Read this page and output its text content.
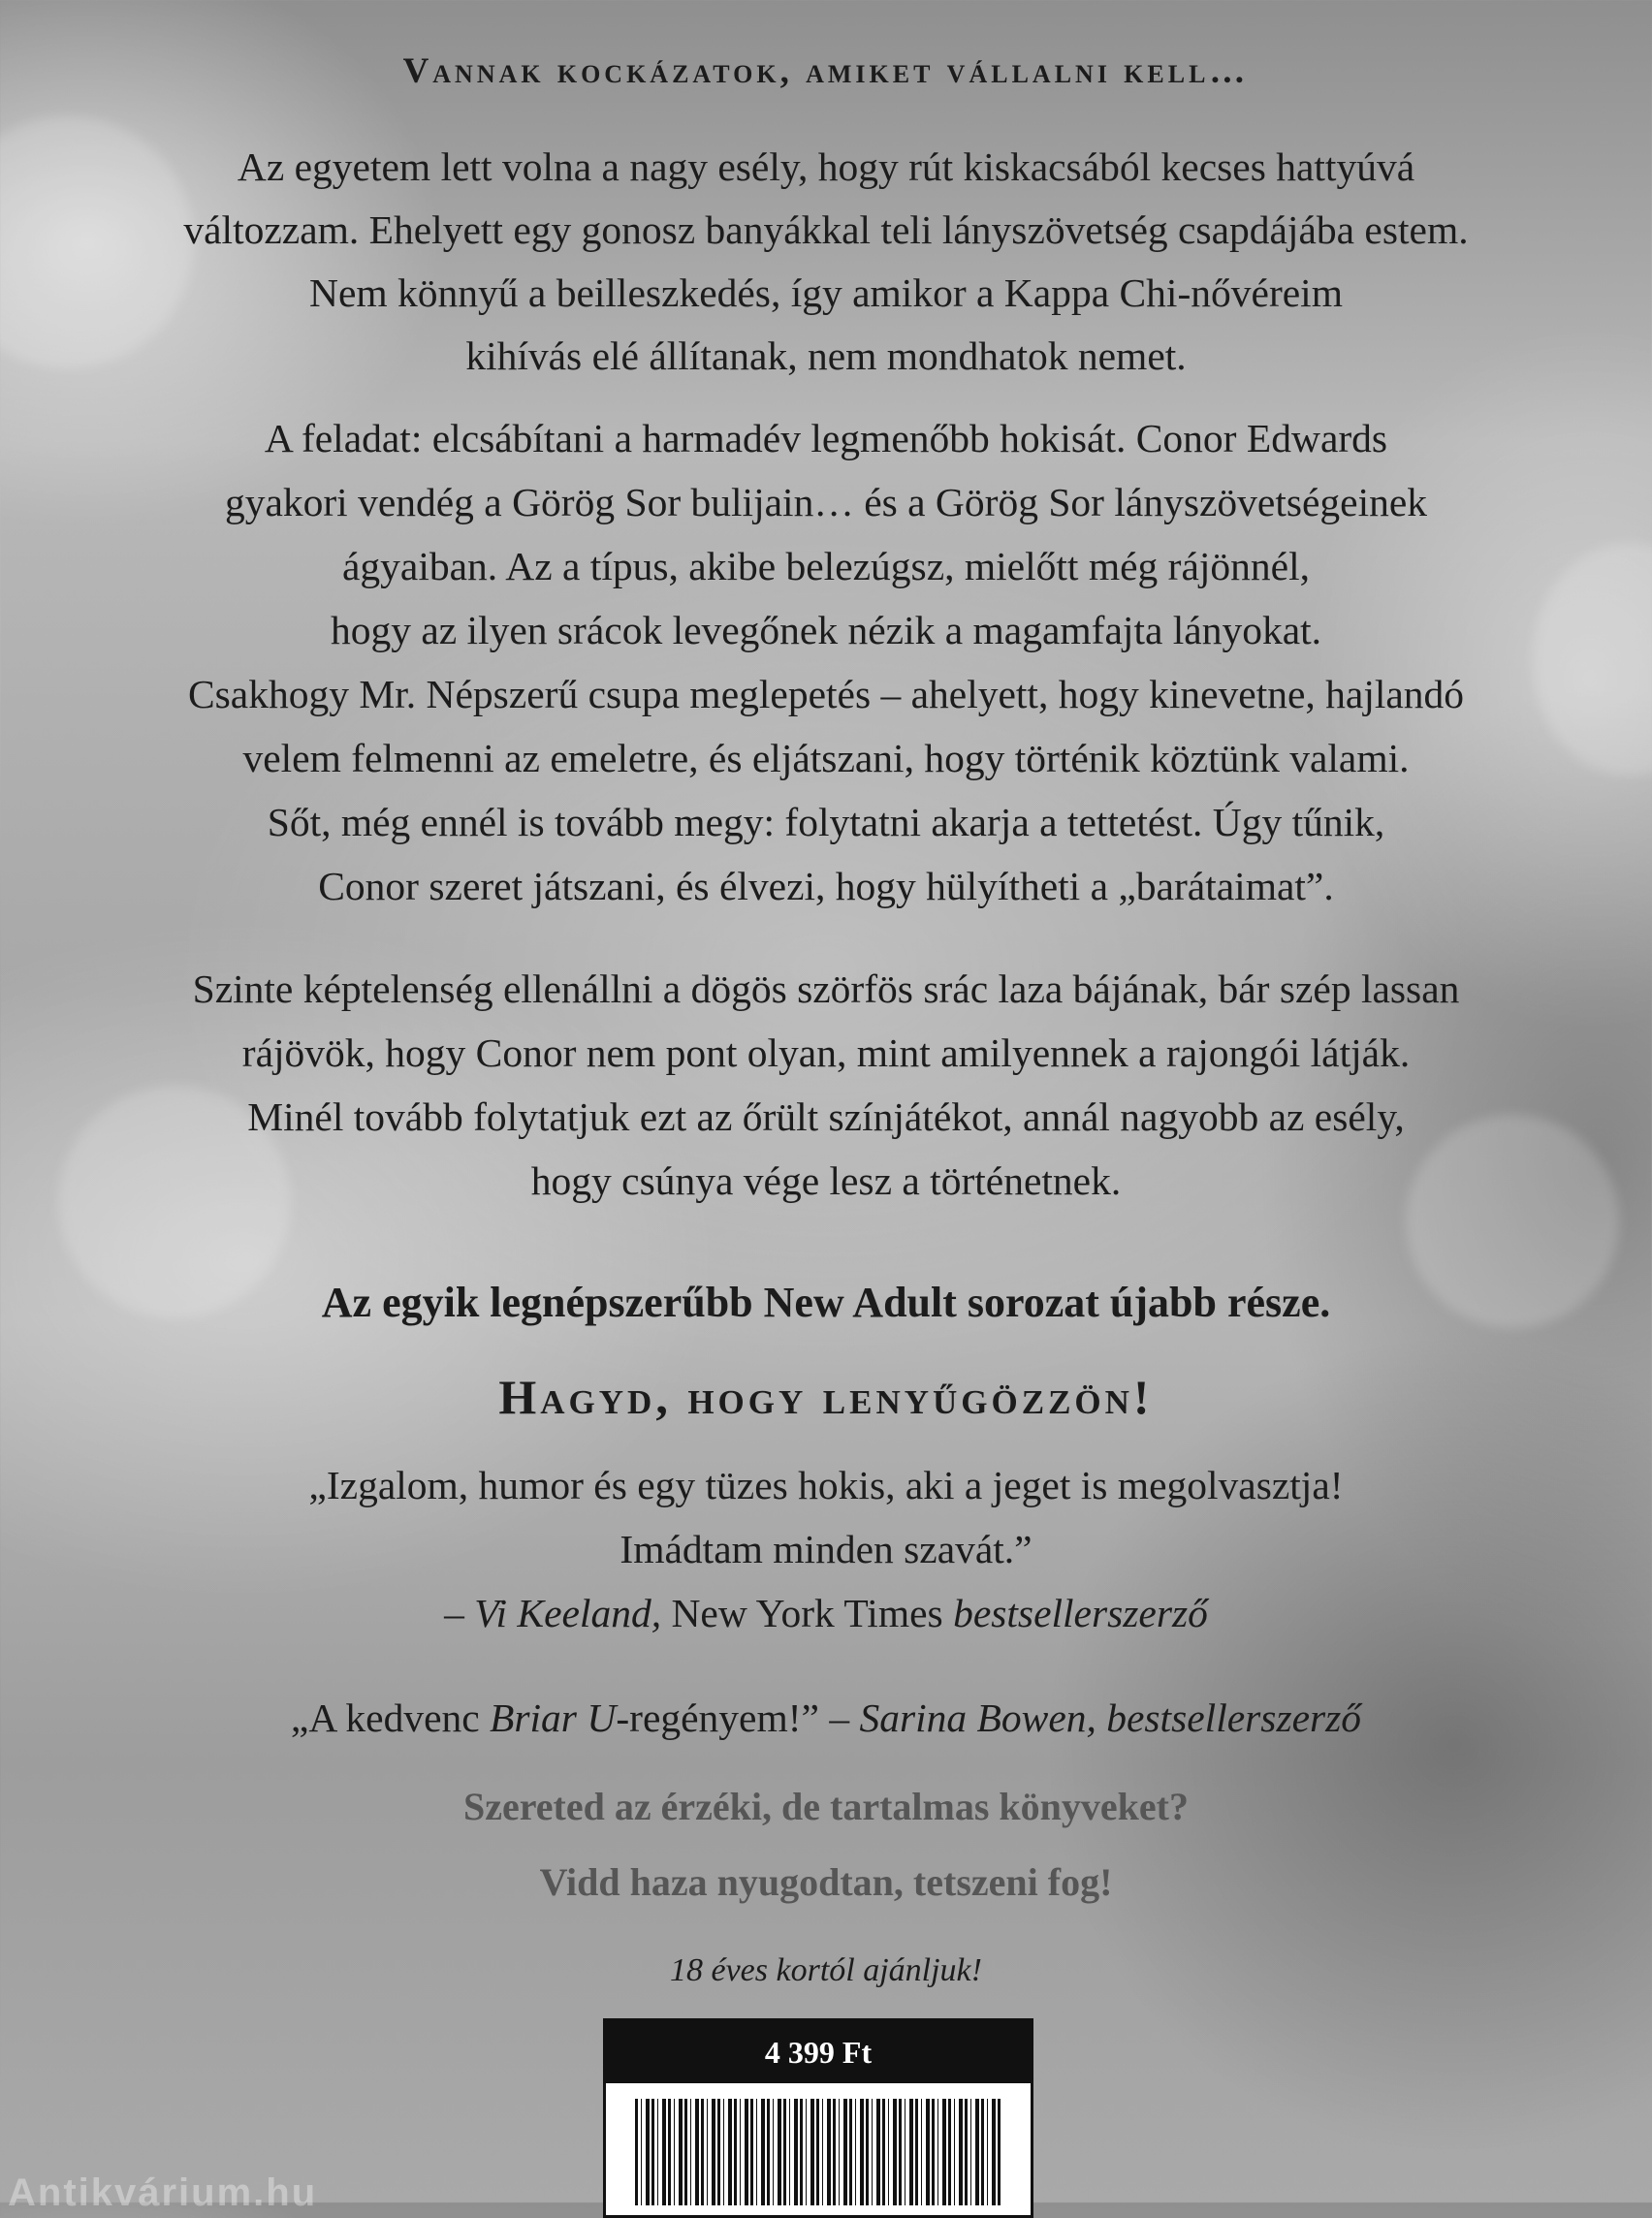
Vannak kockázatok, amiket vállalni kell…
Az egyetem lett volna a nagy esély, hogy rút kiskacsából kecses hattyúvá
változzam. Ehelyett egy gonosz banyákkal teli lányszövetség csapdájába estem.
Nem könnyű a beilleszkedés, így amikor a Kappa Chi-nővéreim
kihívás elé állítanak, nem mondhatok nemet.
A feladat: elcsábítani a harmadév legmenőbb hokisát. Conor Edwards
gyakori vendég a Görög Sor bulijain… és a Görög Sor lányszövetségeinek
ágyaiban. Az a típus, akibe belezúgsz, mielőtt még rájönnél,
hogy az ilyen srácok levegőnek nézik a magamfajta lányokat.
Csakhogy Mr. Népszerű csupa meglepetés – ahelyett, hogy kinevetne, hajlandó
velem felmenni az emeletre, és eljátszani, hogy történik köztünk valami.
Sőt, még ennél is tovább megy: folytatni akarja a tettetést. Úgy tűnik,
Conor szeret játszani, és élvezi, hogy hülyítheti a „barátaimat”.
Szinte képtelenség ellenállni a dögös szörfös srác laza bájának, bár szép lassan
rájövök, hogy Conor nem pont olyan, mint amilyennek a rajongói látják.
Minél tovább folytatjuk ezt az őrült színjátékot, annál nagyobb az esély,
hogy csúnya vége lesz a történetnek.
Az egyik legnépszerűbb New Adult sorozat újabb része.
Hagyd, hogy lenyűgözzön!
„Izgalom, humor és egy tüzes hokis, aki a jeget is megolvasztja!
Imádtam minden szavát.”
– Vi Keeland, New York Times bestsellerszerző
„A kedvenc Briar U-regényem!” – Sarina Bowen, bestsellerszerző
Szereted az érzéki, de tartalmas könyveket?
Vidd haza nyugodtan, tetszeni fog!
18 éves kortól ajánljuk!
4 399 Ft
Antikvárium.hu
